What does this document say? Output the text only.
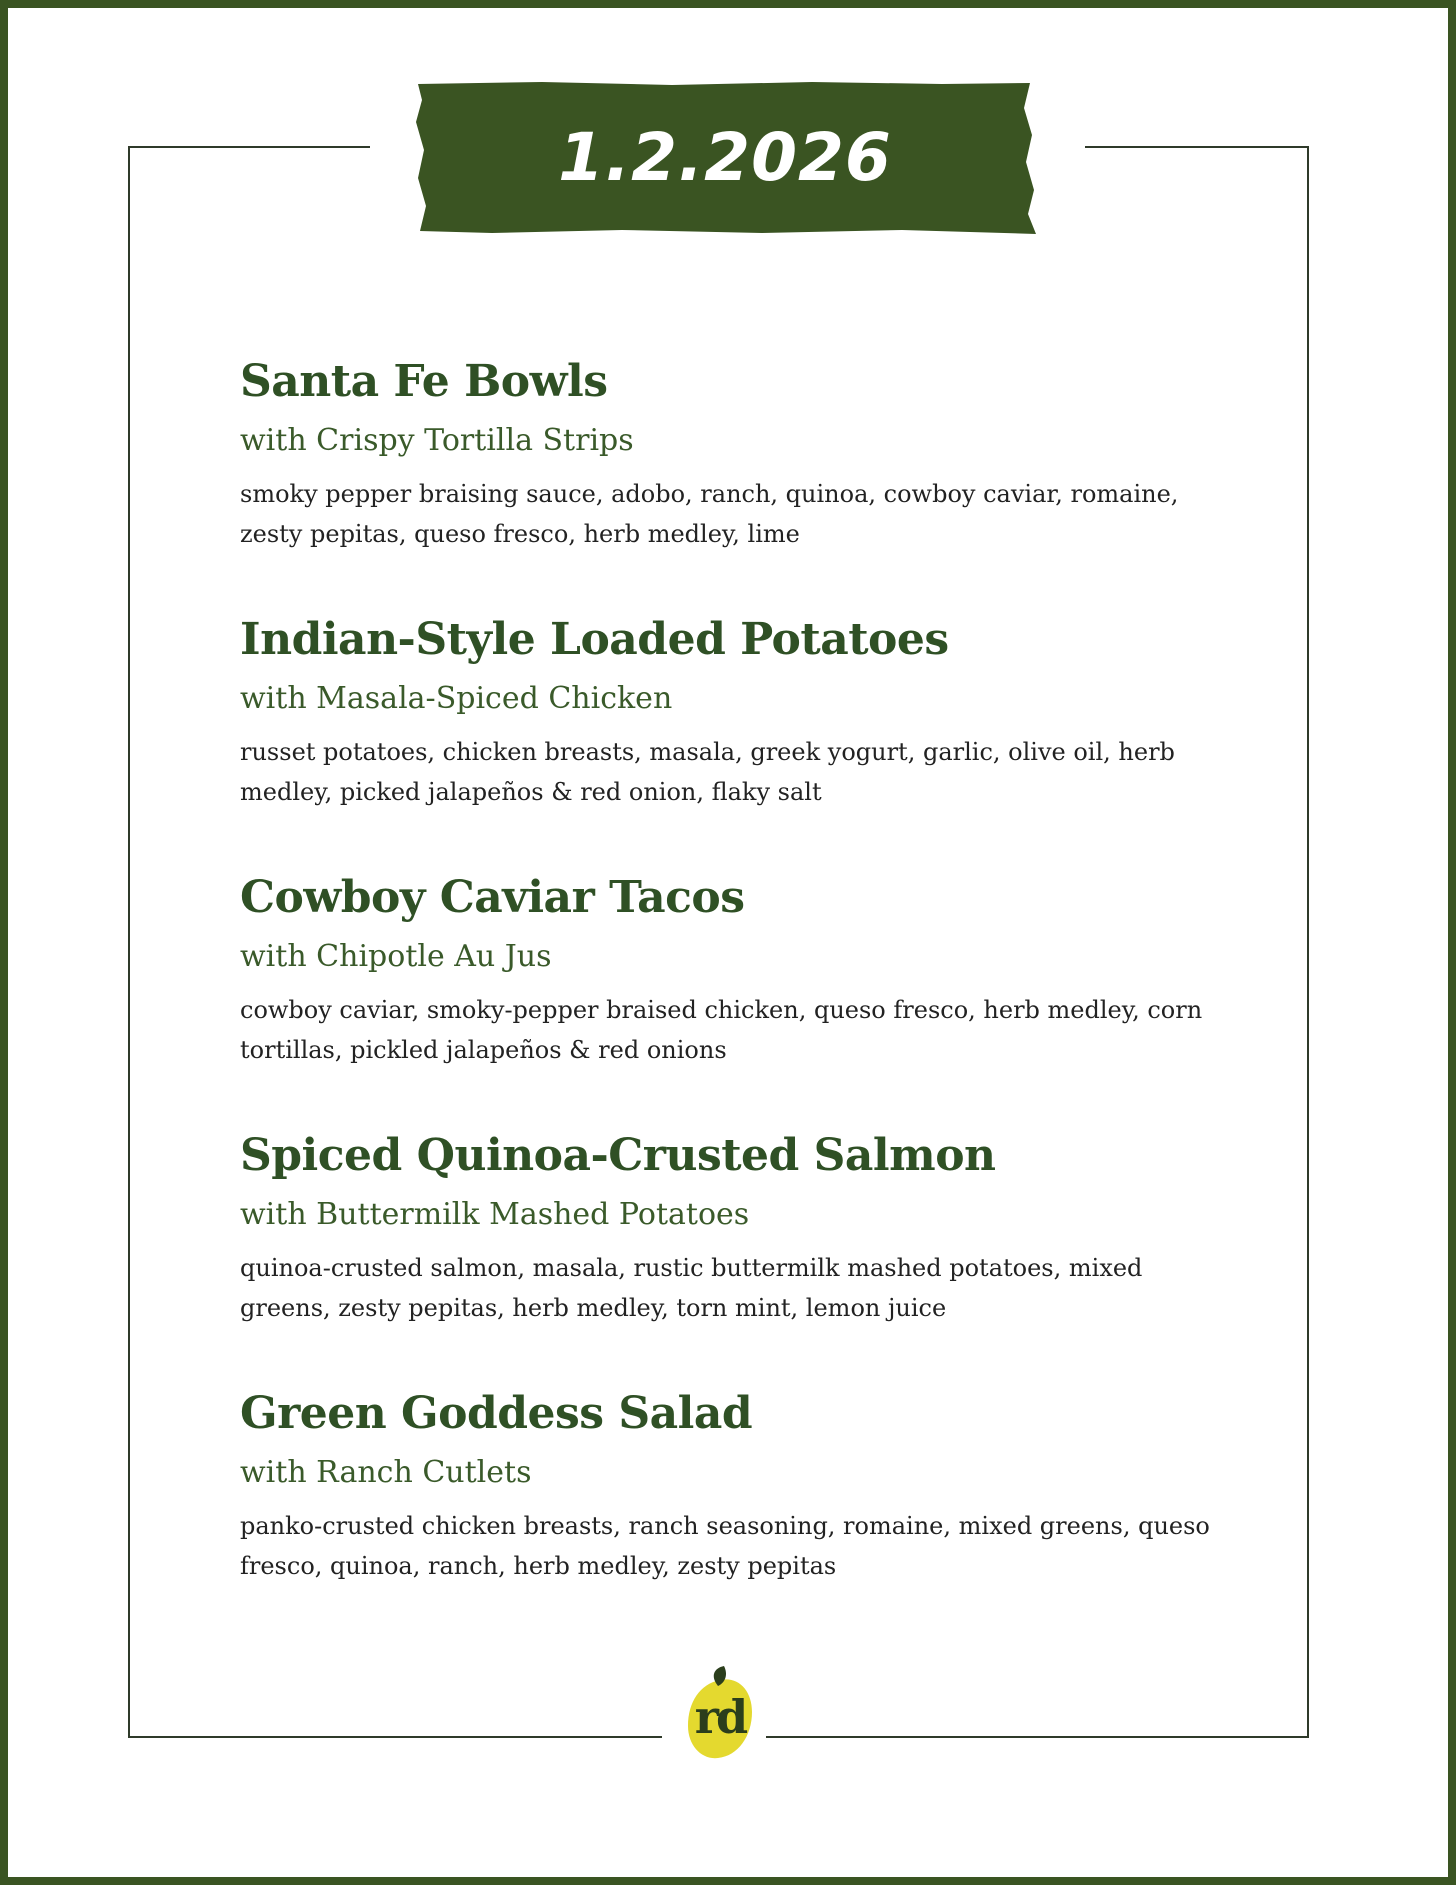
1.2.2026
Santa Fe Bowls

with Crispy Tortilla Strips

smoky pepper braising sauce, adobo, ranch, quinoa, cowboy caviar, romaine, zesty pepitas, queso fresco, herb medley, lime

Indian-Style Loaded Potatoes

with Masala-Spiced Chicken

russet potatoes, chicken breasts, masala, greek yogurt, garlic, olive oil, herb medley, picked jalapeños & red onion, flaky salt

Cowboy Caviar Tacos

with Chipotle Au Jus

cowboy caviar, smoky-pepper braised chicken, queso fresco, herb medley, corn tortillas, pickled jalapeños & red onions

Spiced Quinoa-Crusted Salmon

with Buttermilk Mashed Potatoes

quinoa-crusted salmon, masala, rustic buttermilk mashed potatoes, mixed greens, zesty pepitas, herb medley, torn mint, lemon juice

Green Goddess Salad

with Ranch Cutlets

panko-crusted chicken breasts, ranch seasoning, romaine, mixed greens, queso fresco, quinoa, ranch, herb medley, zesty pepitas

rd
